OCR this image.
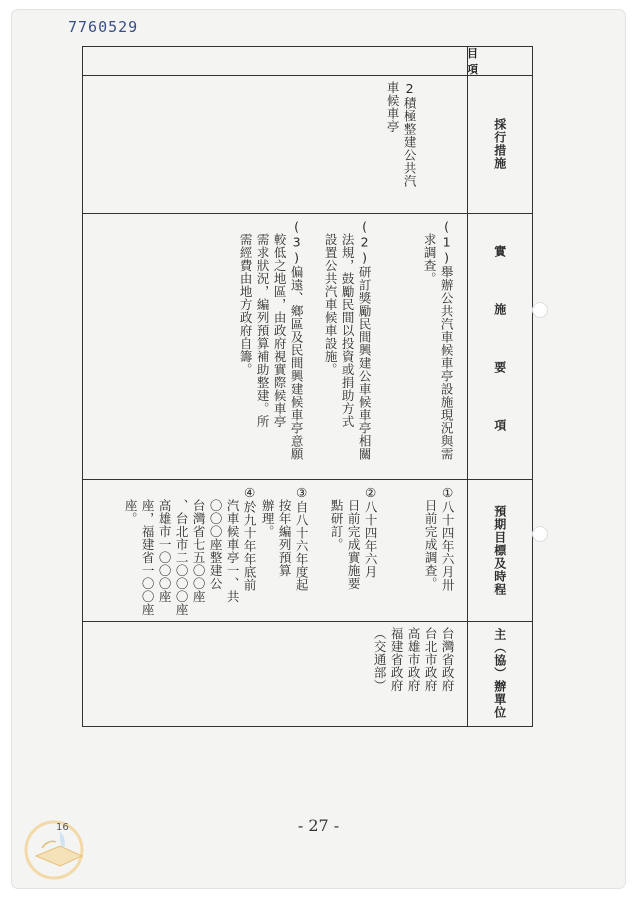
7760529
目 項
採行措施
2積極整建公共汽
車候車亭
實 施 要 項
(1)舉辦公共汽車候車亭設施現況與需
求調查。
(2)研訂獎勵民間興建公車候車亭相關
法規，鼓勵民間以投資或捐助方式
設置公共汽車候車設施。
(3)偏遠、鄉區及民間興建候車亭意願
較低之地區，由政府視實際候車亭
需求狀況，編列預算補助整建。所
需經費由地方政府自籌。
預期目標及時程
①八十四年六月卅
日前完成調查。
②八十四年六月
日前完成實施要
點研訂。
③自八十六年度起
按年編列預算
辦理。
④於九十年年底前
汽車候車亭一、共
〇〇〇座整建公
台灣省七五〇〇座
、台北市二〇〇〇座
高雄市一〇〇〇座
座，福建省一〇〇座
座。
主（協）辦單位
台灣省政府
台北市政府
高雄市政府
福建省政府
（交通部）
- 27 -
16
